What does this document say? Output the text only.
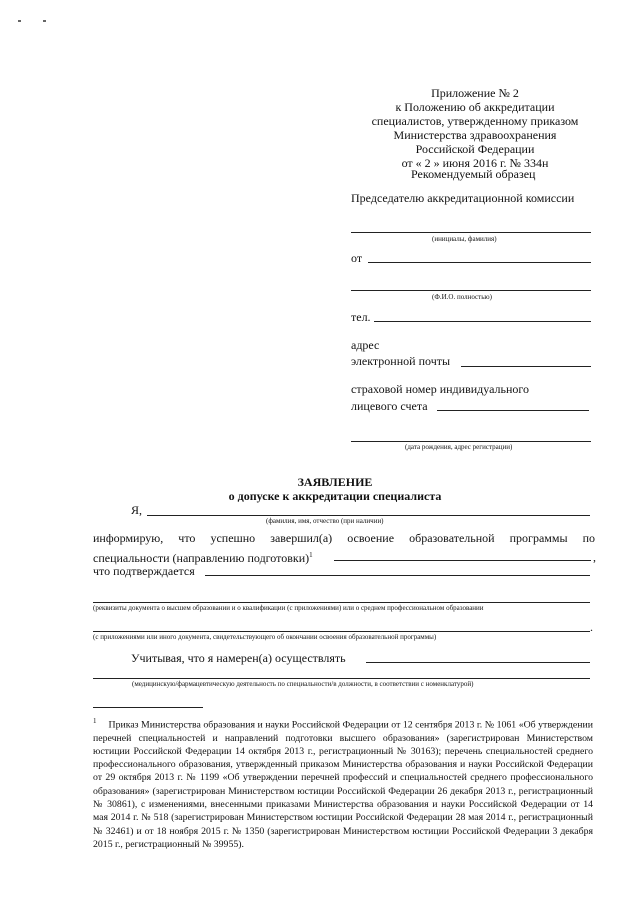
Приложение № 2
к Положению об аккредитации
специалистов, утвержденному приказом
Министерства здравоохранения
Российской Федерации
от « 2 » июня 2016 г. № 334н
Рекомендуемый образец
Председателю аккредитационной комиссии
(инициалы, фамилия)
от
(Ф.И.О. полностью)
тел.
адрес
электронной почты
страховой номер индивидуального
лицевого счета
(дата рождения, адрес регистрации)
ЗАЯВЛЕНИЕ
о допуске к аккредитации специалиста
Я,
(фамилия, имя, отчество (при наличии)
информирую, что успешно завершил(а) освоение образовательной программы по
специальности (направлению подготовки)$^1$	,
что подтверждается
(реквизиты документа о высшем образовании и о квалификации (с приложениями) или о среднем профессиональном образовании
.
(с приложениями или иного документа, свидетельствующего об окончании освоения образовательной программы)
Учитывая, что я намерен(а) осуществлять
(медицинскую/фармацевтическую деятельность по специальности/в должности, в соответствии с номенклатурой)
$^1$ Приказ Министерства образования и науки Российской Федерации от 12 сентября 2013 г. № 1061 «Об утверждении перечней специальностей и направлений подготовки высшего образования» (зарегистрирован Министерством юстиции Российской Федерации 14 октября 2013 г., регистрационный № 30163); перечень специальностей среднего профессионального образования, утвержденный приказом Министерства образования и науки Российской Федерации от 29 октября 2013 г. № 1199 «Об утверждении перечней профессий и специальностей среднего профессионального образования» (зарегистрирован Министерством юстиции Российской Федерации 26 декабря 2013 г., регистрационный № 30861), с изменениями, внесенными приказами Министерства образования и науки Российской Федерации от 14 мая 2014 г. № 518 (зарегистрирован Министерством юстиции Российской Федерации 28 мая 2014 г., регистрационный № 32461) и от 18 ноября 2015 г. № 1350 (зарегистрирован Министерством юстиции Российской Федерации 3 декабря 2015 г., регистрационный № 39955).
